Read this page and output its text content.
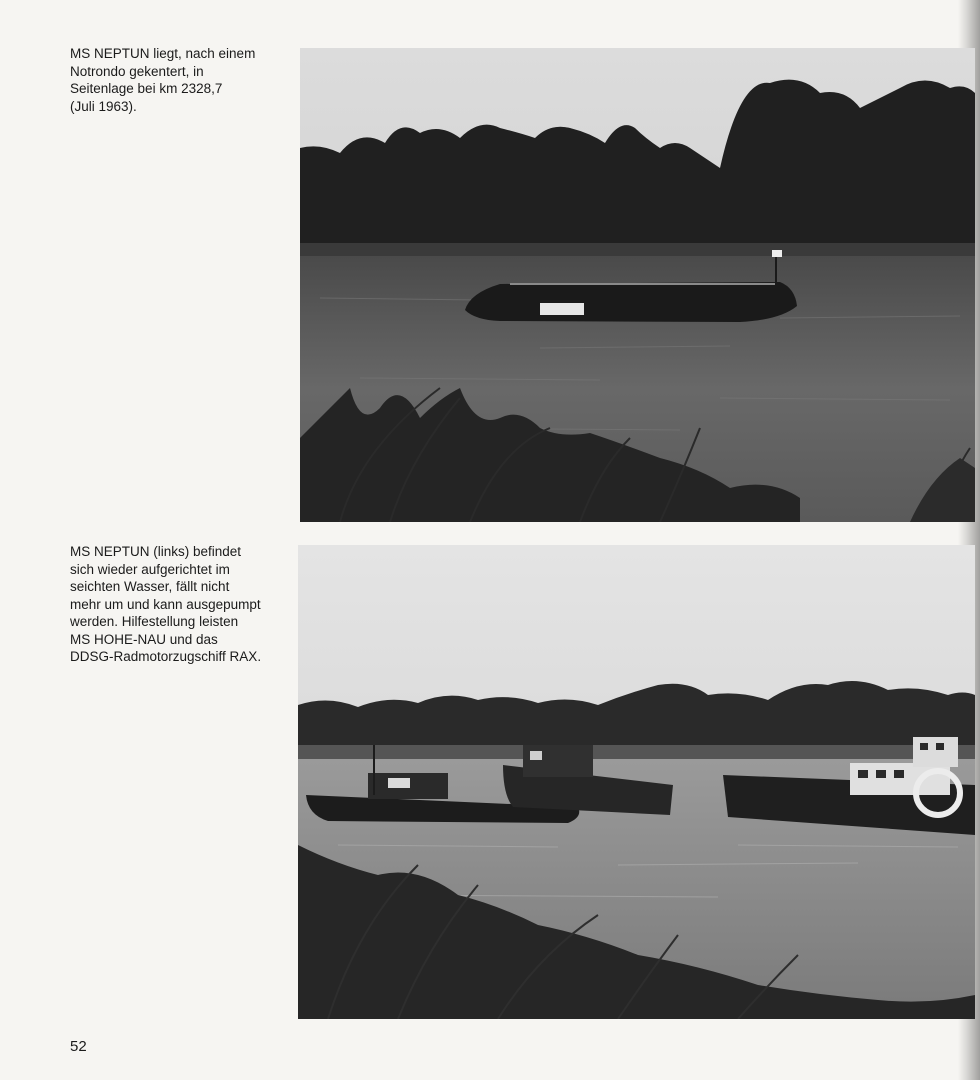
MS NEPTUN liegt, nach einem
Notrondo gekentert, in
Seitenlage bei km 2328,7
(Juli 1963).

MS NEPTUN (links) befindet
sich wieder aufgerichtet im
seichten Wasser, fällt nicht
mehr um und kann ausgepumpt
werden. Hilfestellung leisten
MS HOHE-NAU und das
DDSG-Radmotorzugschiff RAX.

52
